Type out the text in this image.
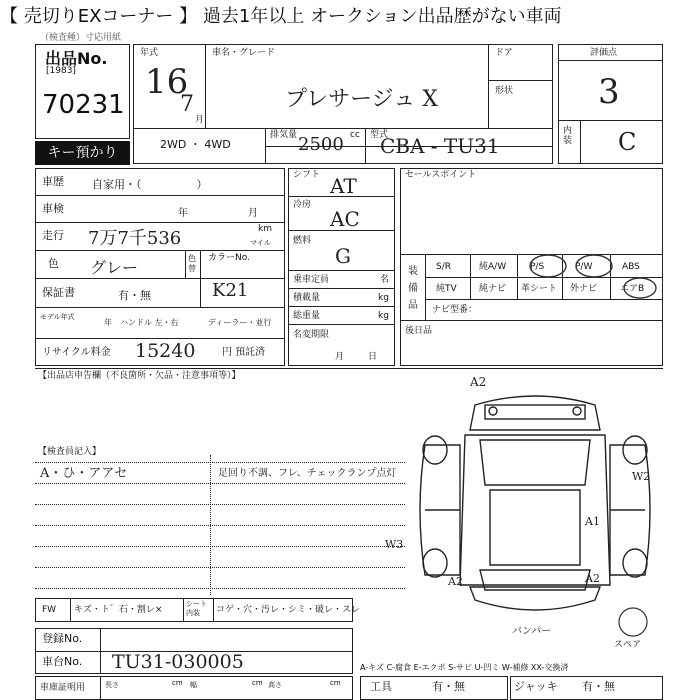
【 売切りEXコーナー 】 過去1年以上 オークション出品歴がない車両
（検査種）寸応用紙
出品No.
[1983]
70231
キー預かり
年式
16
7
月
車名・グレード
プレサージュ X
ドア
形状
2WD ・ 4WD
排気量 2500 cc 型式
CBA - TU31
評価点
3
内装 C
車歴	自家用・（　　　　　）
車検	年	月
走行 7万7千536	km
マイル
色 グレー	色替
カラーNo.
K21
保証書	有・無
モデル年式
年 ハンドル 左・右	ディーラー・並行
リサイクル料金 15240	円 預託済
シフト AT
冷房
AC
燃料
G
乗車定員	名
積載量	kg
総重量	kg
名変期限
月日
セールスポイント
装備品
S/R	純A/W	P/S	P/W	ABS
純TV 純ナビ 革シート 外ナビ	エアB
ナビ型番：
後日品
【出品店申告欄（不良箇所・欠品・注意事項等）】
【検査員記入】
A・ひ・アアセ	足回り不調、フレ、チェックランプ点灯
A2
W2
A1
W3
A2	A2
バンパー
スペア
FW キズ・ト゛石・割レ×
シート内装	コゲ・穴・汚レ・シミ・破レ・スレ
登録No.
車台No. TU31-030005	A-キズ C-腐食 E-エクボ S-サビ U-凹ミ W-補修 XX-交換済
車庫証明用	長さ	cm 幅	cm 高さ	cm	工具	有・無	ジャッキ 有・無
